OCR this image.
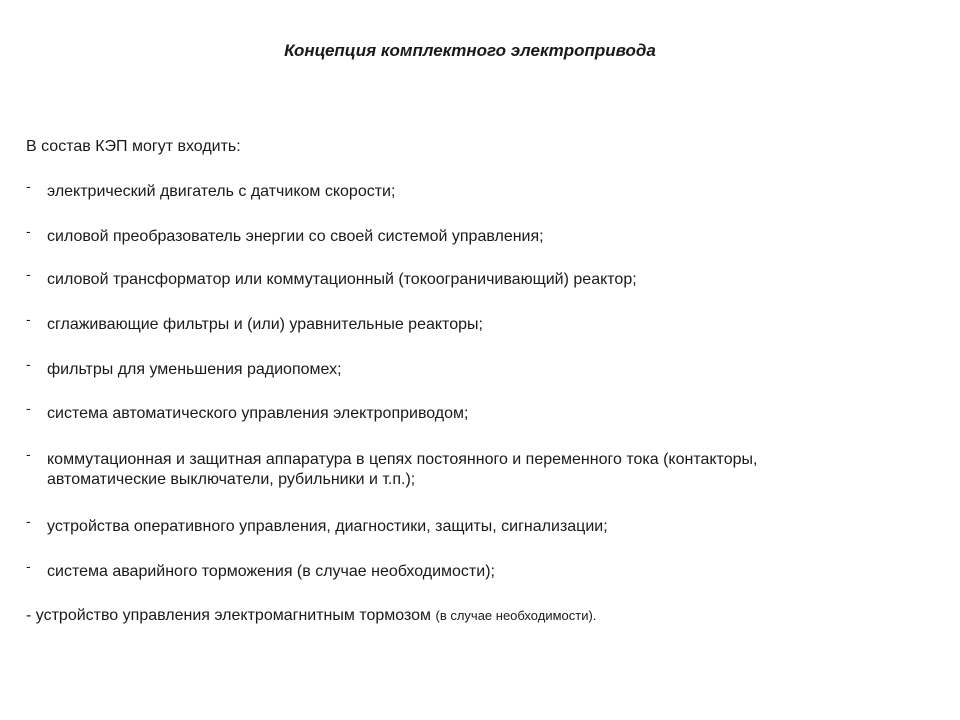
Концепция комплектного электропривода

В состав КЭП могут входить:

- электрический двигатель с датчиком скорости;
- силовой преобразователь энергии со своей системой управления;
- силовой трансформатор или коммутационный (токоограничивающий) реактор;
- сглаживающие фильтры и (или) уравнительные реакторы;
- фильтры для уменьшения радиопомех;
- система автоматического управления электроприводом;
- коммутационная и защитная аппаратура в цепях постоянного и переменного тока (контакторы,
автоматические выключатели, рубильники и т.п.);
- устройства оперативного управления, диагностики, защиты, сигнализации;
- система аварийного торможения (в случае необходимости);
- устройство управления электромагнитным тормозом (в случае необходимости).
